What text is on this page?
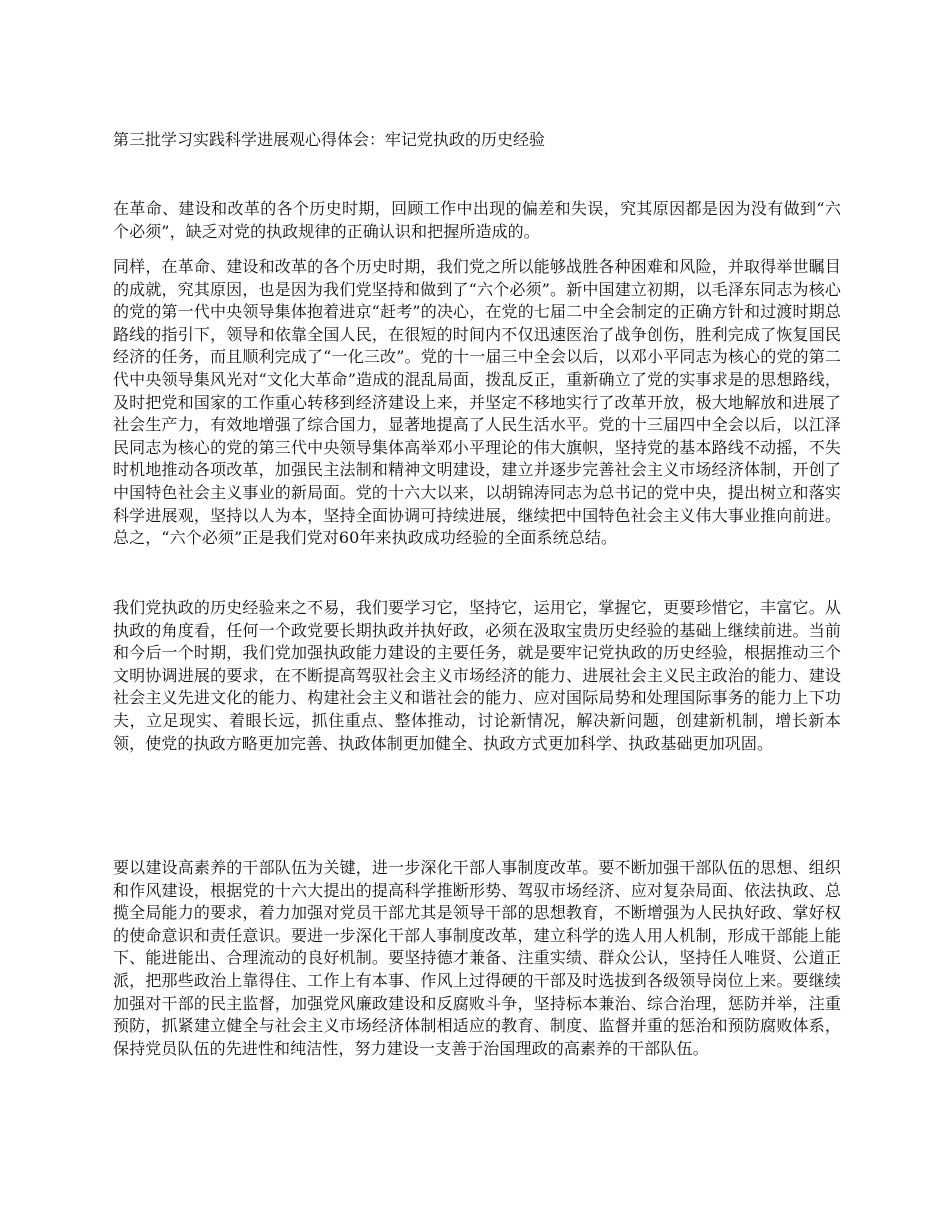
第三批学习实践科学进展观心得体会：牢记党执政的历史经验

在革命、建设和改革的各个历史时期，回顾工作中出现的偏差和失误，究其原因都是因为没有做到“六个必须”，缺乏对党的执政规律的正确认识和把握所造成的。

同样，在革命、建设和改革的各个历史时期，我们党之所以能够战胜各种困难和风险，并取得举世瞩目的成就，究其原因，也是因为我们党坚持和做到了“六个必须”。新中国建立初期，以毛泽东同志为核心的党的第一代中央领导集体抱着进京“赶考”的决心，在党的七届二中全会制定的正确方针和过渡时期总路线的指引下，领导和依靠全国人民，在很短的时间内不仅迅速医治了战争创伤，胜利完成了恢复国民经济的任务，而且顺利完成了“一化三改”。党的十一届三中全会以后，以邓小平同志为核心的党的第二代中央领导集风光对“文化大革命”造成的混乱局面，拨乱反正，重新确立了党的实事求是的思想路线，及时把党和国家的工作重心转移到经济建设上来，并坚定不移地实行了改革开放，极大地解放和进展了社会生产力，有效地增强了综合国力，显著地提高了人民生活水平。党的十三届四中全会以后，以江泽民同志为核心的党的第三代中央领导集体高举邓小平理论的伟大旗帜，坚持党的基本路线不动摇，不失时机地推动各项改革，加强民主法制和精神文明建设，建立并逐步完善社会主义市场经济体制，开创了中国特色社会主义事业的新局面。党的十六大以来，以胡锦涛同志为总书记的党中央，提出树立和落实科学进展观，坚持以人为本，坚持全面协调可持续进展，继续把中国特色社会主义伟大事业推向前进。总之，“六个必须”正是我们党对60年来执政成功经验的全面系统总结。

我们党执政的历史经验来之不易，我们要学习它，坚持它，运用它，掌握它，更要珍惜它，丰富它。从执政的角度看，任何一个政党要长期执政并执好政，必须在汲取宝贵历史经验的基础上继续前进。当前和今后一个时期，我们党加强执政能力建设的主要任务，就是要牢记党执政的历史经验，根据推动三个文明协调进展的要求，在不断提高驾驭社会主义市场经济的能力、进展社会主义民主政治的能力、建设社会主义先进文化的能力、构建社会主义和谐社会的能力、应对国际局势和处理国际事务的能力上下功夫，立足现实、着眼长远，抓住重点、整体推动，讨论新情况，解决新问题，创建新机制，增长新本领，使党的执政方略更加完善、执政体制更加健全、执政方式更加科学、执政基础更加巩固。

要以建设高素养的干部队伍为关键，进一步深化干部人事制度改革。要不断加强干部队伍的思想、组织和作风建设，根据党的十六大提出的提高科学推断形势、驾驭市场经济、应对复杂局面、依法执政、总揽全局能力的要求，着力加强对党员干部尤其是领导干部的思想教育，不断增强为人民执好政、掌好权的使命意识和责任意识。要进一步深化干部人事制度改革，建立科学的选人用人机制，形成干部能上能下、能进能出、合理流动的良好机制。要坚持德才兼备、注重实绩、群众公认，坚持任人唯贤、公道正派，把那些政治上靠得住、工作上有本事、作风上过得硬的干部及时选拔到各级领导岗位上来。要继续加强对干部的民主监督，加强党风廉政建设和反腐败斗争，坚持标本兼治、综合治理，惩防并举，注重预防，抓紧建立健全与社会主义市场经济体制相适应的教育、制度、监督并重的惩治和预防腐败体系，保持党员队伍的先进性和纯洁性，努力建设一支善于治国理政的高素养的干部队伍。
